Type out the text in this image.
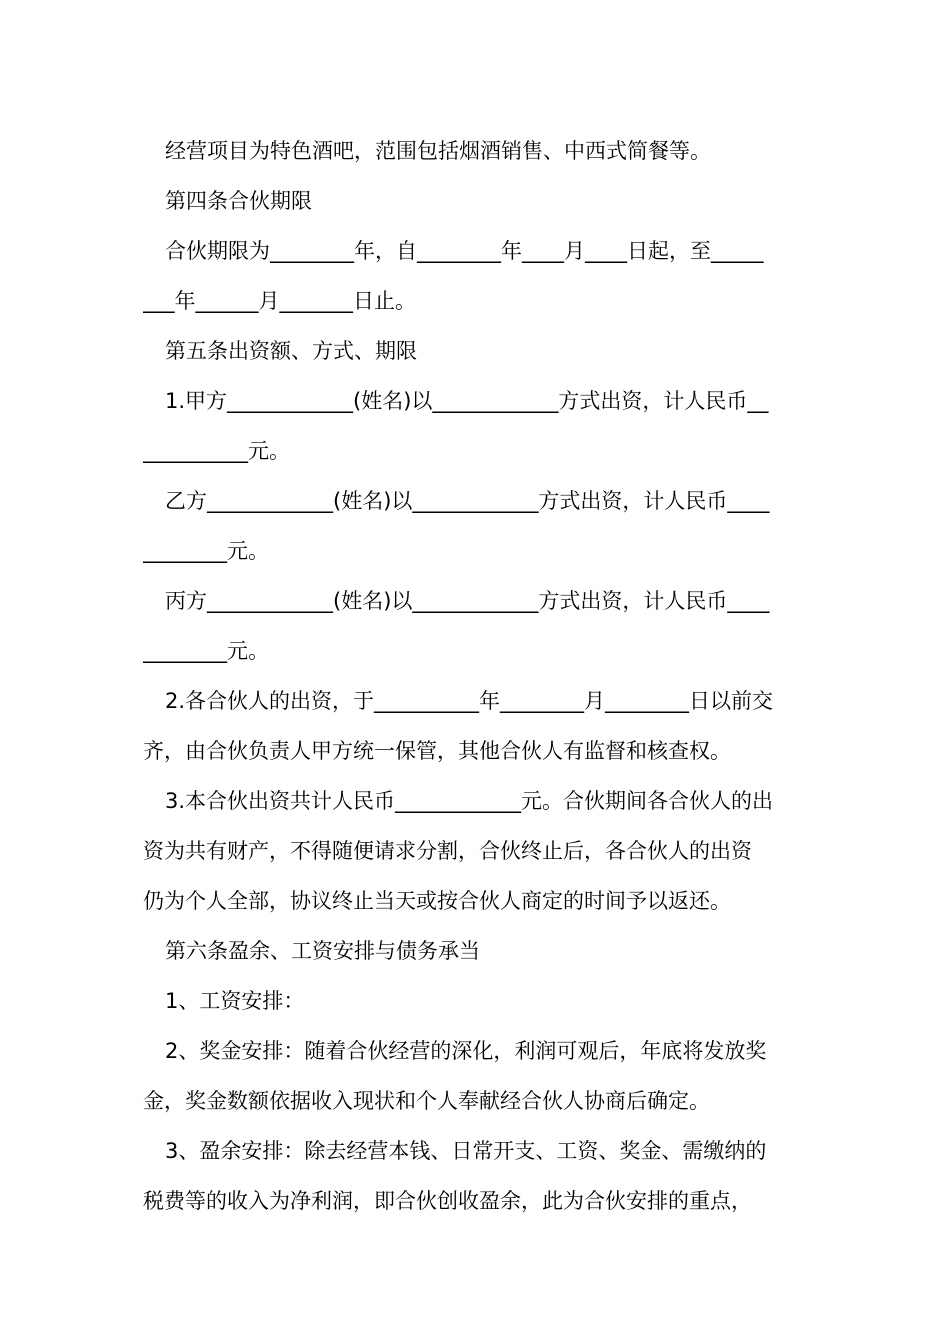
经营项目为特色酒吧，范围包括烟酒销售、中西式简餐等。

第四条合伙期限

合伙期限为________年，自________年____月____日起，至_____

___年______月_______日止。

第五条出资额、方式、期限

1.甲方____________(姓名)以____________方式出资，计人民币__

__________元。

乙方____________(姓名)以____________方式出资，计人民币____

________元。

丙方____________(姓名)以____________方式出资，计人民币____

________元。

2.各合伙人的出资，于__________年________月________日以前交

齐，由合伙负责人甲方统一保管，其他合伙人有监督和核查权。

3.本合伙出资共计人民币____________元。合伙期间各合伙人的出

资为共有财产，不得随便请求分割，合伙终止后，各合伙人的出资

仍为个人全部，协议终止当天或按合伙人商定的时间予以返还。

第六条盈余、工资安排与债务承当

1、工资安排：

2、奖金安排：随着合伙经营的深化，利润可观后，年底将发放奖

金，奖金数额依据收入现状和个人奉献经合伙人协商后确定。

3、盈余安排：除去经营本钱、日常开支、工资、奖金、需缴纳的

税费等的收入为净利润，即合伙创收盈余，此为合伙安排的重点，
